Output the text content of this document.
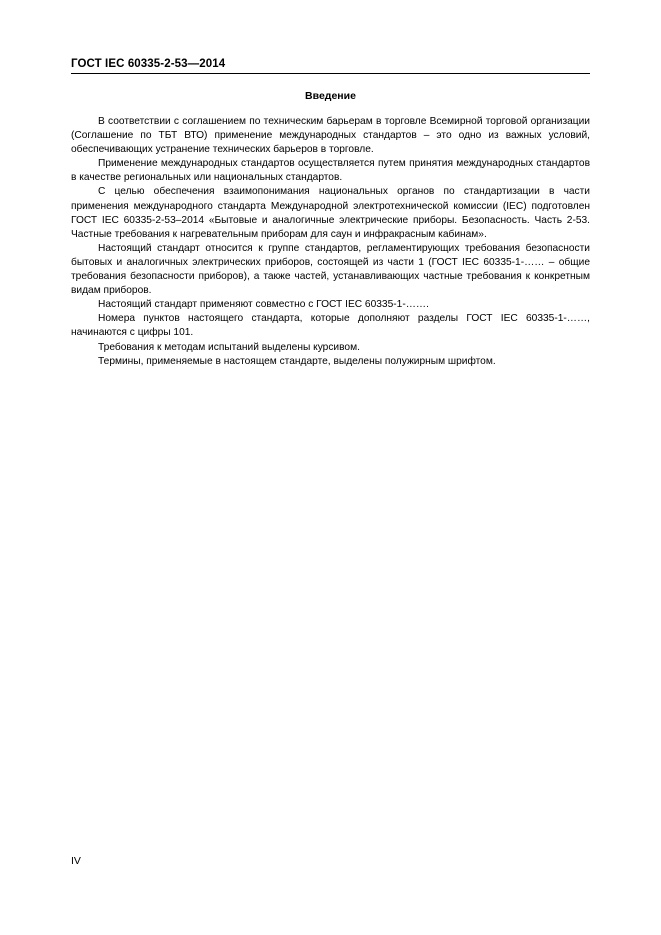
ГОСТ IEC 60335-2-53—2014
Введение

В соответствии с соглашением по техническим барьерам в торговле Всемирной торговой организации (Соглашение по ТБТ ВТО) применение международных стандартов – это одно из важных условий, обеспечивающих устранение технических барьеров в торговле.

Применение международных стандартов осуществляется путем принятия международных стандартов в качестве региональных или национальных стандартов.

С целью обеспечения взаимопонимания национальных органов по стандартизации в части применения международного стандарта Международной электротехнической комиссии (IEC) подготовлен ГОСТ IEC 60335-2-53–2014 «Бытовые и аналогичные электрические приборы. Безопасность. Часть 2-53. Частные требования к нагревательным приборам для саун и инфракрасным кабинам».

Настоящий стандарт относится к группе стандартов, регламентирующих требования безопасности бытовых и аналогичных электрических приборов, состоящей из части 1 (ГОСТ IEC 60335-1-…… – общие требования безопасности приборов), а также частей, устанавливающих частные требования к конкретным видам приборов.

Настоящий стандарт применяют совместно с ГОСТ IEC 60335-1-…….

Номера пунктов настоящего стандарта, которые дополняют разделы ГОСТ IEC 60335-1-……, начинаются с цифры 101.

Требования к методам испытаний выделены курсивом.

Термины, применяемые в настоящем стандарте, выделены полужирным шрифтом.

IV
